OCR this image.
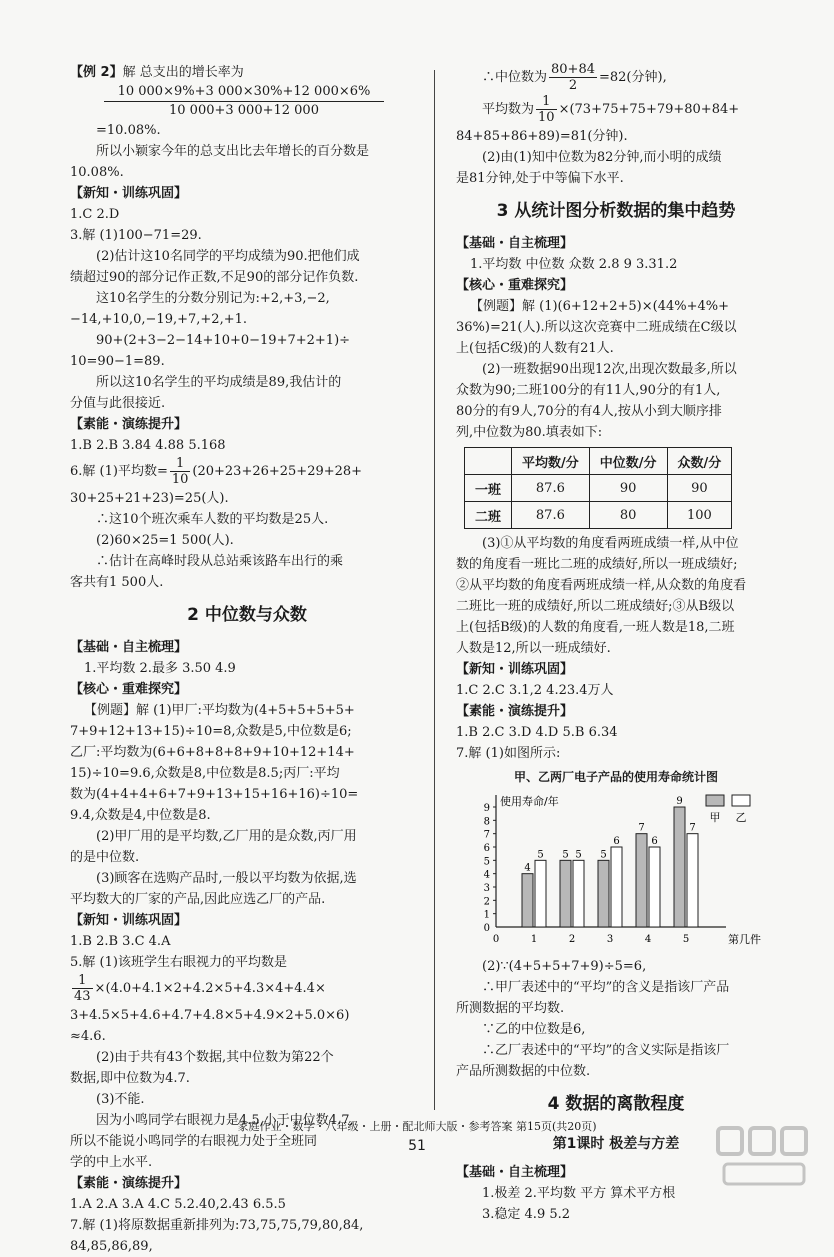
【例 2】解 总支出的增长率为
10 000×9%+3 000×30%+12 000×6%
10 000+3 000+12 000
=10.08%.
所以小颖家今年的总支出比去年增长的百分数是
10.08%.
【新知・训练巩固】
1.C 2.D
3.解 (1)100−71=29.
(2)估计这10名同学的平均成绩为90.把他们成
绩超过90的部分记作正数,不足90的部分记作负数.
这10名学生的分数分别记为:+2,+3,−2,
−14,+10,0,−19,+7,+2,+1.
90+(2+3−2−14+10+0−19+7+2+1)÷
10=90−1=89.
所以这10名学生的平均成绩是89,我估计的
分值与此很接近.
【素能・演练提升】
1.B 2.B 3.84 4.88 5.168
6.解 (1)平均数= $\frac{1}{10} (20+23+26+25+29+28+$
30+25+21+23)=25(人).
∴这10个班次乘车人数的平均数是25人.
(2)60×25=1 500(人).
∴估计在高峰时段从总站乘该路车出行的乘
客共有1 500人.
2 中位数与众数
【基础・自主梳理】
1.平均数 2.最多 3.50 4.9
【核心・重难探究】
【例题】解 (1)甲厂:平均数为(4+5+5+5+5+
7+9+12+13+15)÷10=8,众数是5,中位数是6;
乙厂:平均数为(6+6+8+8+8+9+10+12+14+
15)÷10=9.6,众数是8,中位数是8.5;丙厂:平均
数为(4+4+4+6+7+9+13+15+16+16)÷10=
9.4,众数是4,中位数是8.
(2)甲厂用的是平均数,乙厂用的是众数,丙厂用
的是中位数.
(3)顾客在选购产品时,一般以平均数为依据,选
平均数大的厂家的产品,因此应选乙厂的产品.
【新知・训练巩固】
1.B 2.B 3.C 4.A
5.解 (1)该班学生右眼视力的平均数是
$\frac{1}{43} \times(4.0+4.1\times 2+4.2\times 5+4.3\times 4+4.4\times$
3+4.5×5+4.6+4.7+4.8×5+4.9×2+5.0×6)
≈4.6.
(2)由于共有43个数据,其中位数为第22个
数据,即中位数为4.7.
(3)不能.
因为小鸣同学右眼视力是4.5,小于中位数4.7,
所以不能说小鸣同学的右眼视力处于全班同
学的中上水平.
【素能・演练提升】
1.A 2.A 3.A 4.C 5.2.40,2.43 6.5.5
7.解 (1)将原数据重新排列为:73,75,75,79,80,84,
84,85,86,89,
∴中位数为 $\frac{80+84}{2} =82$(分钟),
平均数为 $\frac{1}{10} \times(73+75+75+79+80+84+$
84+85+86+89)=81(分钟).
(2)由(1)知中位数为82分钟,而小明的成绩
是81分钟,处于中等偏下水平.
3 从统计图分析数据的集中趋势
【基础・自主梳理】
1.平均数 中位数 众数 2.8 9 3.31.2
【核心・重难探究】
【例题】解 (1)(6+12+2+5)×(44%+4%+
36%)=21(人).所以这次竞赛中二班成绩在C级以
上(包括C级)的人数有21人.
(2)一班数据90出现12次,出现次数最多,所以
众数为90;二班100分的有11人,90分的有1人,
80分的有9人,70分的有4人,按从小到大顺序排
列,中位数为80.填表如下:
	平均数/分	中位数/分	众数/分
一班	87.6	90	90
二班	87.6	80	100
(3)①从平均数的角度看两班成绩一样,从中位
数的角度看一班比二班的成绩好,所以一班成绩好;
②从平均数的角度看两班成绩一样,从众数的角度看
二班比一班的成绩好,所以二班成绩好;③从B级以
上(包括B级)的人数的角度看,一班人数是18,二班
人数是12,所以一班成绩好.
【新知・训练巩固】
1.C 2.C 3.1,2 4.23.4万人
【素能・演练提升】
1.B 2.C 3.D 4.D 5.B 6.34
7.解 (1)如图所示:
甲、乙两厂电子产品的使用寿命统计图
0
1
2
3
4
5
6
7
8
9
使用寿命/年
第几件
1
4
5
2
5 5
3
5
6
4
7
6
5
9
7
0
甲 乙
(2)∵(4+5+5+7+9)÷5=6,
∴甲厂表述中的“平均”的含义是指该厂产品
所测数据的平均数.
∵乙的中位数是6,
∴乙厂表述中的“平均”的含义实际是指该厂
产品所测数据的中位数.
4 数据的离散程度
第1课时 极差与方差
【基础・自主梳理】
1.极差 2.平均数 平方 算术平方根
3.稳定 4.9 5.2
家庭作业・数学・八年级・上册・配北师大版・参考答案 第15页(共20页)
51
